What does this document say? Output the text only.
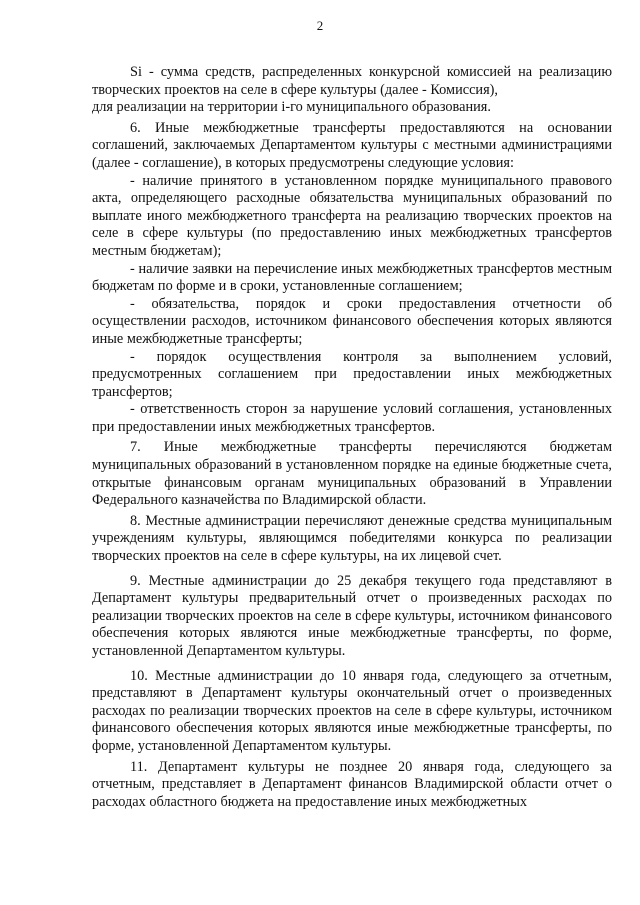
2

Si - сумма средств, распределенных конкурсной комиссией на реализацию творческих проектов на селе в сфере культуры (далее - Комиссия),

для реализации на территории i-го муниципального образования.

6. Иные межбюджетные трансферты предоставляются на основании соглашений, заключаемых Департаментом культуры с местными администрациями (далее - соглашение), в которых предусмотрены следующие условия:

- наличие принятого в установленном порядке муниципального правового акта, определяющего расходные обязательства муниципальных образований по выплате иного межбюджетного трансферта на реализацию творческих проектов на селе в сфере культуры (по предоставлению иных межбюджетных трансфертов местным бюджетам);

- наличие заявки на перечисление иных межбюджетных трансфертов местным бюджетам по форме и в сроки, установленные соглашением;

- обязательства, порядок и сроки предоставления отчетности об осуществлении расходов, источником финансового обеспечения которых являются иные межбюджетные трансферты;

- порядок осуществления контроля за выполнением условий, предусмотренных соглашением при предоставлении иных межбюджетных трансфертов;

- ответственность сторон за нарушение условий соглашения, установленных при предоставлении иных межбюджетных трансфертов.

7. Иные межбюджетные трансферты перечисляются бюджетам муниципальных образований в установленном порядке на единые бюджетные счета, открытые финансовым органам муниципальных образований в Управлении Федерального казначейства по Владимирской области.

8. Местные администрации перечисляют денежные средства муниципальным учреждениям культуры, являющимся победителями конкурса по реализации творческих проектов на селе в сфере культуры, на их лицевой счет.

9. Местные администрации до 25 декабря текущего года представляют в Департамент культуры предварительный отчет о произведенных расходах по реализации творческих проектов на селе в сфере культуры, источником финансового обеспечения которых являются иные межбюджетные трансферты, по форме, установленной Департаментом культуры.

10. Местные администрации до 10 января года, следующего за отчетным, представляют в Департамент культуры окончательный отчет о произведенных расходах по реализации творческих проектов на селе в сфере культуры, источником финансового обеспечения которых являются иные межбюджетные трансферты, по форме, установленной Департаментом культуры.

11. Департамент культуры не позднее 20 января года, следующего за отчетным, представляет в Департамент финансов Владимирской области отчет о расходах областного бюджета на предоставление иных межбюджетных
